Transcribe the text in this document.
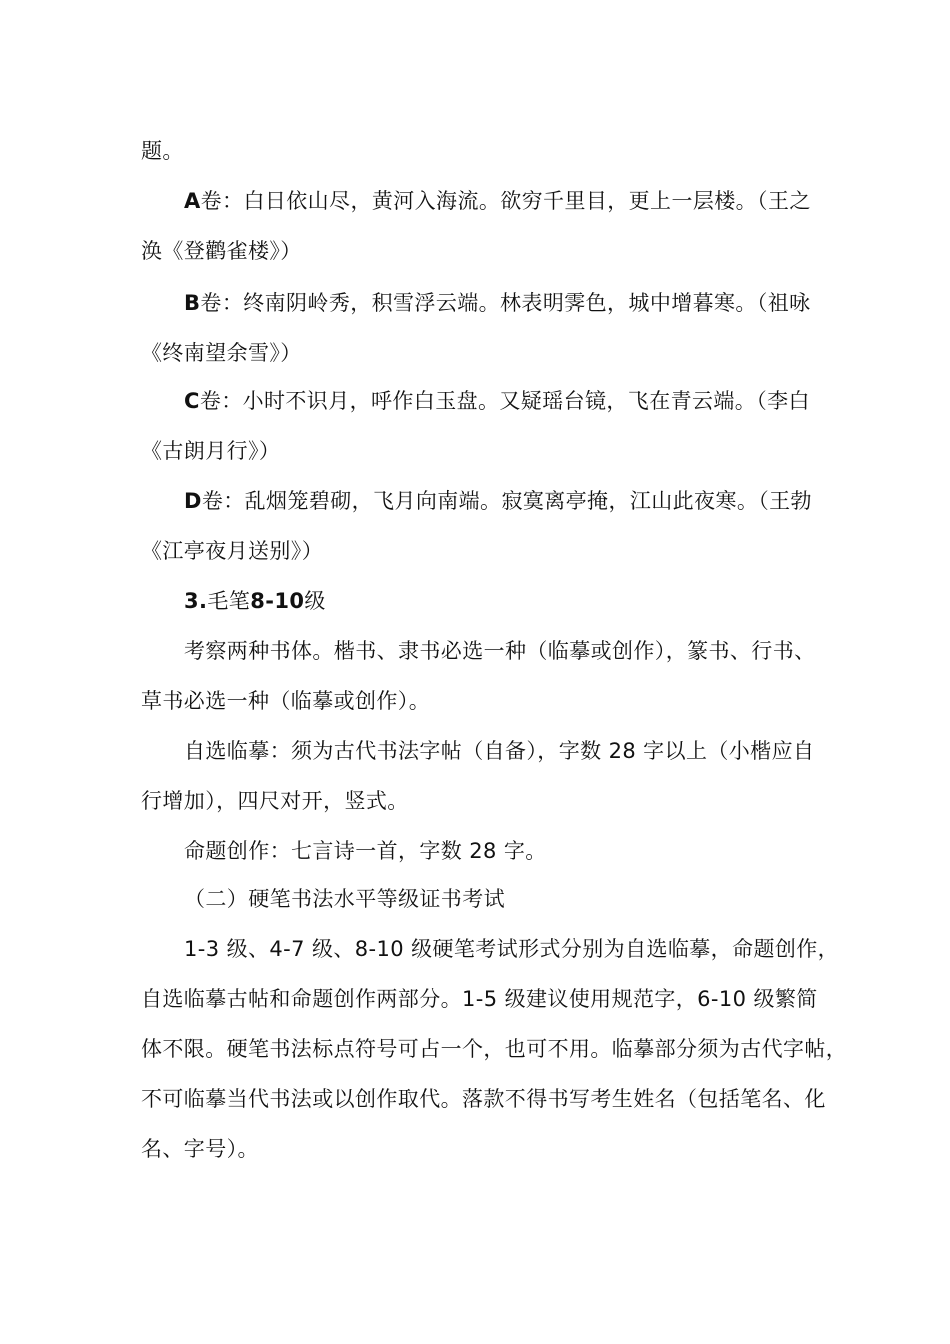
题。
A卷：白日依山尽，黄河入海流。欲穷千里目，更上一层楼。（王之
涣《登鹳雀楼》）
B卷：终南阴岭秀，积雪浮云端。林表明霁色，城中增暮寒。（祖咏
《终南望余雪》）
C卷：小时不识月，呼作白玉盘。又疑瑶台镜，飞在青云端。（李白
《古朗月行》）
D卷：乱烟笼碧砌，飞月向南端。寂寞离亭掩，江山此夜寒。（王勃
《江亭夜月送别》）
3.毛笔8-10级
考察两种书体。楷书、隶书必选一种（临摹或创作），篆书、行书、
草书必选一种（临摹或创作）。
自选临摹：须为古代书法字帖（自备），字数 28 字以上（小楷应自
行增加），四尺对开，竖式。
命题创作：七言诗一首，字数 28 字。
（二）硬笔书法水平等级证书考试
1-3 级、4-7 级、8-10 级硬笔考试形式分别为自选临摹，命题创作，
自选临摹古帖和命题创作两部分。1-5 级建议使用规范字，6-10 级繁简
体不限。硬笔书法标点符号可占一个，也可不用。临摹部分须为古代字帖，
不可临摹当代书法或以创作取代。落款不得书写考生姓名（包括笔名、化
名、字号）。
